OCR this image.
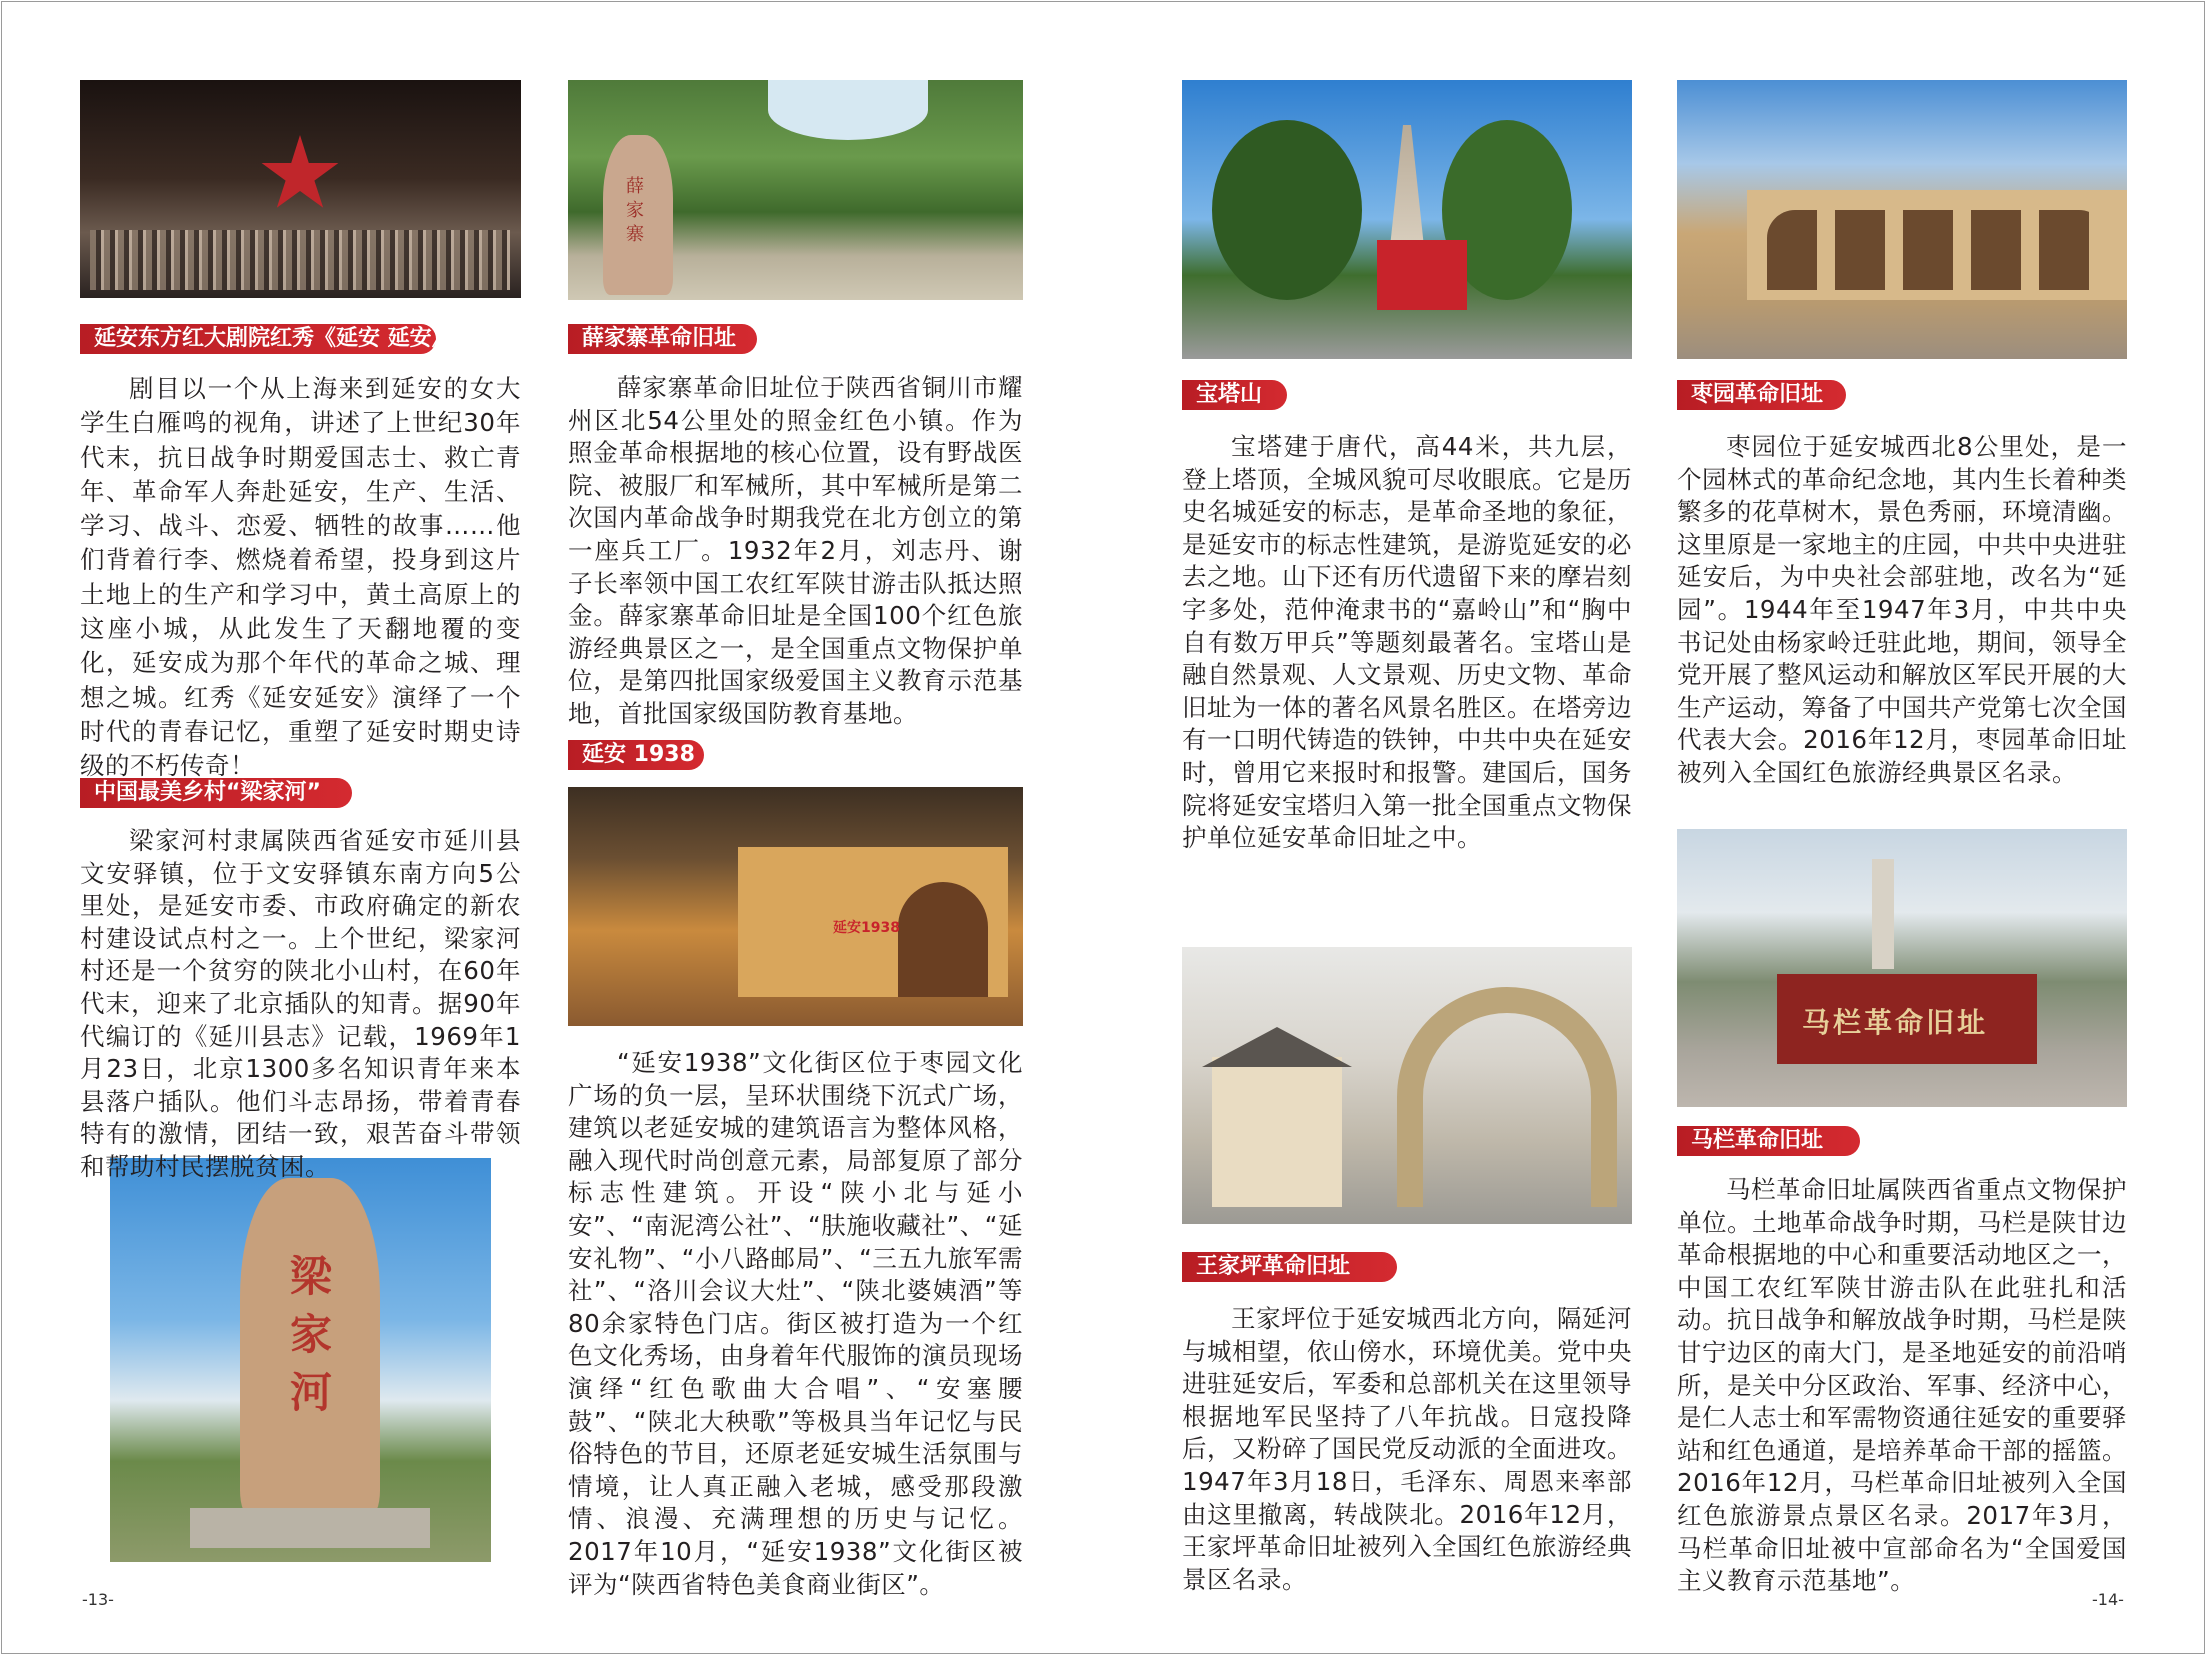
薛家寨
梁家河
延安1938
马栏革命旧址
延安东方红大剧院红秀《延安 延安》
中国最美乡村“梁家河”
薛家寨革命旧址
延安 1938
宝塔山
王家坪革命旧址
枣园革命旧址
马栏革命旧址
剧目以一个从上海来到延安的女大学生白雁鸣的视角，讲述了上世纪30年代末，抗日战争时期爱国志士、救亡青年、革命军人奔赴延安，生产、生活、学习、战斗、恋爱、牺牲的故事……他们背着行李、燃烧着希望，投身到这片土地上的生产和学习中，黄土高原上的这座小城，从此发生了天翻地覆的变化，延安成为那个年代的革命之城、理想之城。红秀《延安延安》演绎了一个时代的青春记忆，重塑了延安时期史诗级的不朽传奇！
梁家河村隶属陕西省延安市延川县文安驿镇，位于文安驿镇东南方向5公里处，是延安市委、市政府确定的新农村建设试点村之一。上个世纪，梁家河村还是一个贫穷的陕北小山村，在60年代末，迎来了北京插队的知青。据90年代编订的《延川县志》记载，1969年1月23日，北京1300多名知识青年来本县落户插队。他们斗志昂扬，带着青春特有的激情，团结一致，艰苦奋斗带领和帮助村民摆脱贫困。
薛家寨革命旧址位于陕西省铜川市耀州区北54公里处的照金红色小镇。作为照金革命根据地的核心位置，设有野战医院、被服厂和军械所，其中军械所是第二次国内革命战争时期我党在北方创立的第一座兵工厂。1932年2月，刘志丹、谢子长率领中国工农红军陕甘游击队抵达照金。薛家寨革命旧址是全国100个红色旅游经典景区之一，是全国重点文物保护单位，是第四批国家级爱国主义教育示范基地，首批国家级国防教育基地。
“延安1938”文化街区位于枣园文化广场的负一层，呈环状围绕下沉式广场，建筑以老延安城的建筑语言为整体风格，融入现代时尚创意元素，局部复原了部分标志性建筑。开设“陕小北与延小安”、“南泥湾公社”、“肤施收藏社”、“延安礼物”、“小八路邮局”、“三五九旅军需社”、“洛川会议大灶”、“陕北婆姨酒”等80余家特色门店。街区被打造为一个红色文化秀场，由身着年代服饰的演员现场演绎“红色歌曲大合唱”、“安塞腰鼓”、“陕北大秧歌”等极具当年记忆与民俗特色的节目，还原老延安城生活氛围与情境，让人真正融入老城，感受那段激情、浪漫、充满理想的历史与记忆。2017年10月，“延安1938”文化街区被评为“陕西省特色美食商业街区”。
宝塔建于唐代，高44米，共九层，登上塔顶，全城风貌可尽收眼底。它是历史名城延安的标志，是革命圣地的象征，是延安市的标志性建筑，是游览延安的必去之地。山下还有历代遗留下来的摩岩刻字多处，范仲淹隶书的“嘉岭山”和“胸中自有数万甲兵”等题刻最著名。宝塔山是融自然景观、人文景观、历史文物、革命旧址为一体的著名风景名胜区。在塔旁边有一口明代铸造的铁钟，中共中央在延安时，曾用它来报时和报警。建国后，国务院将延安宝塔归入第一批全国重点文物保护单位延安革命旧址之中。
王家坪位于延安城西北方向，隔延河与城相望，依山傍水，环境优美。党中央进驻延安后，军委和总部机关在这里领导根据地军民坚持了八年抗战。日寇投降后，又粉碎了国民党反动派的全面进攻。1947年3月18日，毛泽东、周恩来率部由这里撤离，转战陕北。2016年12月，王家坪革命旧址被列入全国红色旅游经典景区名录。
枣园位于延安城西北8公里处，是一个园林式的革命纪念地，其内生长着种类繁多的花草树木，景色秀丽，环境清幽。这里原是一家地主的庄园，中共中央进驻延安后，为中央社会部驻地，改名为“延园”。1944年至1947年3月，中共中央书记处由杨家岭迁驻此地，期间，领导全党开展了整风运动和解放区军民开展的大生产运动，筹备了中国共产党第七次全国代表大会。2016年12月，枣园革命旧址被列入全国红色旅游经典景区名录。
马栏革命旧址属陕西省重点文物保护单位。土地革命战争时期，马栏是陕甘边革命根据地的中心和重要活动地区之一，中国工农红军陕甘游击队在此驻扎和活动。抗日战争和解放战争时期，马栏是陕甘宁边区的南大门，是圣地延安的前沿哨所，是关中分区政治、军事、经济中心，是仁人志士和军需物资通往延安的重要驿站和红色通道，是培养革命干部的摇篮。2016年12月，马栏革命旧址被列入全国红色旅游景点景区名录。2017年3月，马栏革命旧址被中宣部命名为“全国爱国主义教育示范基地”。
-13-	-14-
